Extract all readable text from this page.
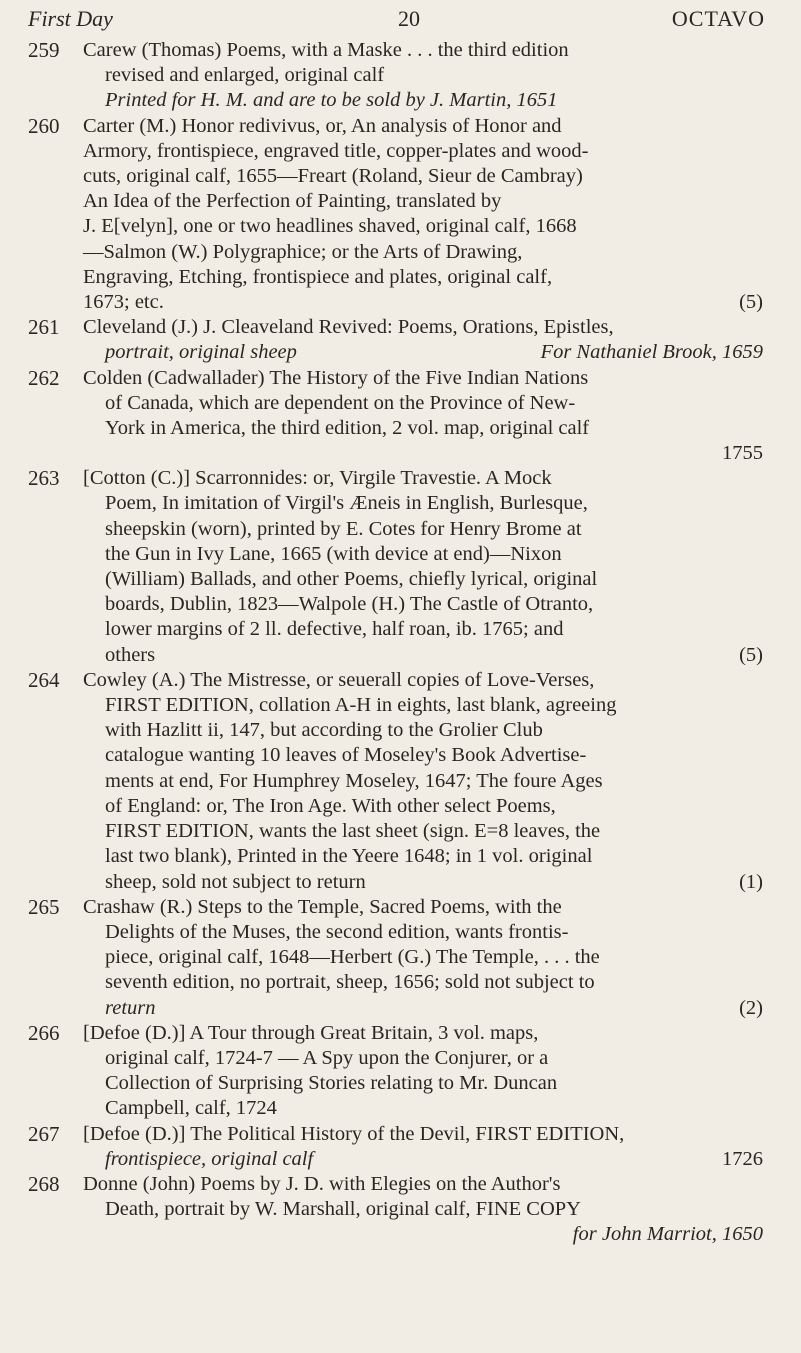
First Day	20	OCTAVO
259 Carew (Thomas) Poems, with a Maske . . . the third edition
revised and enlarged, original calf
Printed for H. M. and are to be sold by J. Martin, 1651
260 Carter (M.) Honor redivivus, or, An analysis of Honor and
Armory, frontispiece, engraved title, copper-plates and wood-
cuts, original calf, 1655—Freart (Roland, Sieur de Cambray)
An Idea of the Perfection of Painting, translated by
J. E[velyn], one or two headlines shaved, original calf, 1668
—Salmon (W.) Polygraphice; or the Arts of Drawing,
Engraving, Etching, frontispiece and plates, original calf,
1673; etc.	(5)
261 Cleveland (J.) J. Cleaveland Revived: Poems, Orations, Epistles,
portrait, original sheep	For Nathaniel Brook, 1659
262 Colden (Cadwallader) The History of the Five Indian Nations
of Canada, which are dependent on the Province of New-
York in America, the third edition, 2 vol. map, original calf
1755
263 [Cotton (C.)] Scarronnides: or, Virgile Travestie. A Mock
Poem, In imitation of Virgil's Æneis in English, Burlesque,
sheepskin (worn), printed by E. Cotes for Henry Brome at
the Gun in Ivy Lane, 1665 (with device at end)—Nixon
(William) Ballads, and other Poems, chiefly lyrical, original
boards, Dublin, 1823—Walpole (H.) The Castle of Otranto,
lower margins of 2 ll. defective, half roan, ib. 1765; and
others	(5)
264 Cowley (A.) The Mistresse, or seuerall copies of Love-Verses,
FIRST EDITION, collation A-H in eights, last blank, agreeing
with Hazlitt ii, 147, but according to the Grolier Club
catalogue wanting 10 leaves of Moseley's Book Advertise-
ments at end, For Humphrey Moseley, 1647; The foure Ages
of England: or, The Iron Age. With other select Poems,
FIRST EDITION, wants the last sheet (sign. E=8 leaves, the
last two blank), Printed in the Yeere 1648; in 1 vol. original
sheep, sold not subject to return	(1)
265 Crashaw (R.) Steps to the Temple, Sacred Poems, with the
Delights of the Muses, the second edition, wants frontis-
piece, original calf, 1648—Herbert (G.) The Temple, . . . the
seventh edition, no portrait, sheep, 1656; sold not subject to
return	(2)
266 [Defoe (D.)] A Tour through Great Britain, 3 vol. maps,
original calf, 1724-7 — A Spy upon the Conjurer, or a
Collection of Surprising Stories relating to Mr. Duncan
Campbell, calf, 1724
267 [Defoe (D.)] The Political History of the Devil, FIRST EDITION,
frontispiece, original calf	1726
268 Donne (John) Poems by J. D. with Elegies on the Author's
Death, portrait by W. Marshall, original calf, FINE COPY
for John Marriot, 1650
